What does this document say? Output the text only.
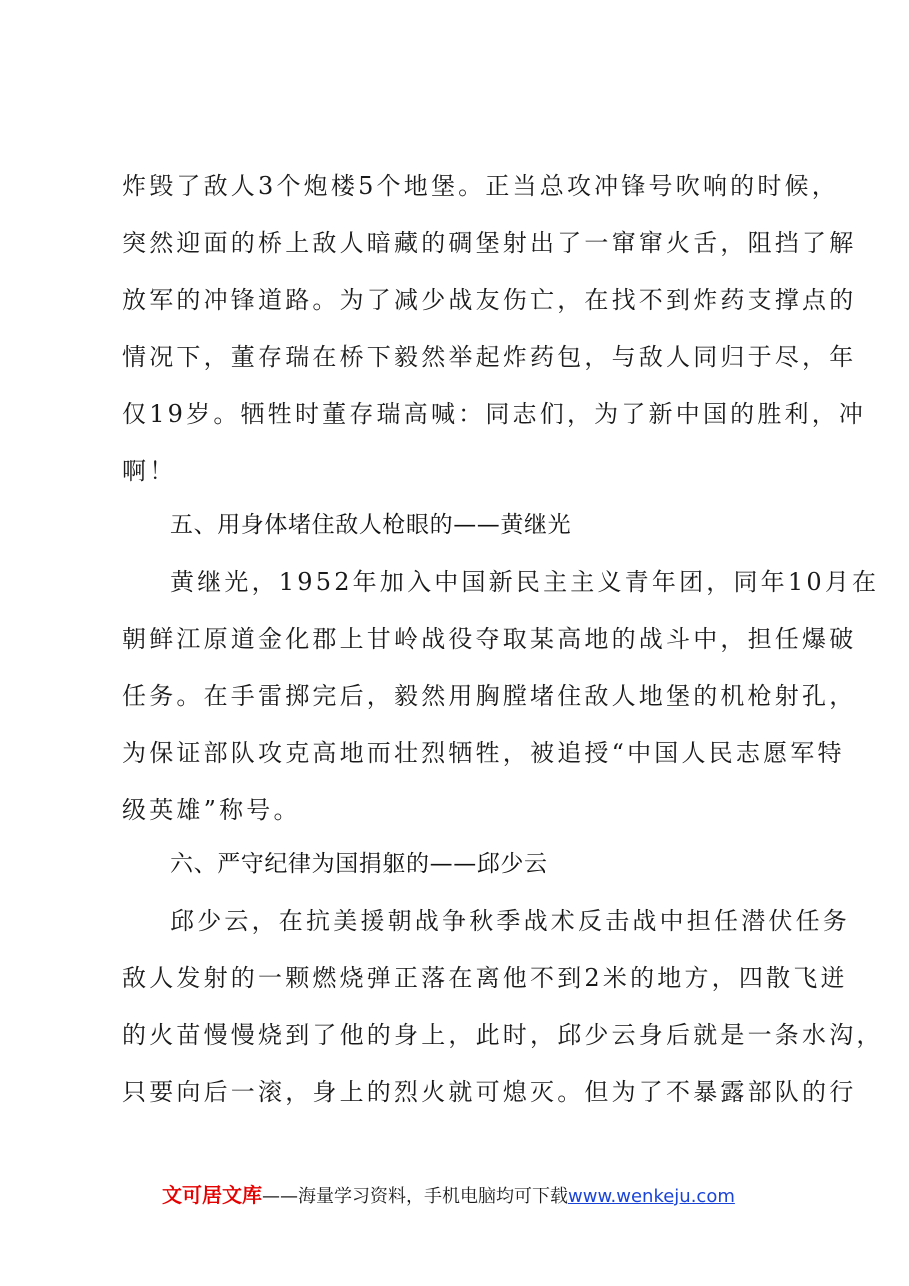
炸毁了敌人3个炮楼5个地堡。正当总攻冲锋号吹响的时候，
突然迎面的桥上敌人暗藏的碉堡射出了一窜窜火舌，阻挡了解
放军的冲锋道路。为了减少战友伤亡，在找不到炸药支撑点的
情况下，董存瑞在桥下毅然举起炸药包，与敌人同归于尽，年
仅19岁。牺牲时董存瑞高喊：同志们，为了新中国的胜利，冲
啊！
五、用身体堵住敌人枪眼的——黄继光
黄继光，1952年加入中国新民主主义青年团，同年10月在
朝鲜江原道金化郡上甘岭战役夺取某高地的战斗中，担任爆破
任务。在手雷掷完后，毅然用胸膛堵住敌人地堡的机枪射孔，
为保证部队攻克高地而壮烈牺牲，被追授“中国人民志愿军特
级英雄”称号。
六、严守纪律为国捐躯的——邱少云
邱少云，在抗美援朝战争秋季战术反击战中担任潜伏任务
敌人发射的一颗燃烧弹正落在离他不到2米的地方，四散飞迸
的火苗慢慢烧到了他的身上，此时，邱少云身后就是一条水沟，
只要向后一滚，身上的烈火就可熄灭。但为了不暴露部队的行
文可居文库——海量学习资料，手机电脑均可下载www.wenkeju.com
